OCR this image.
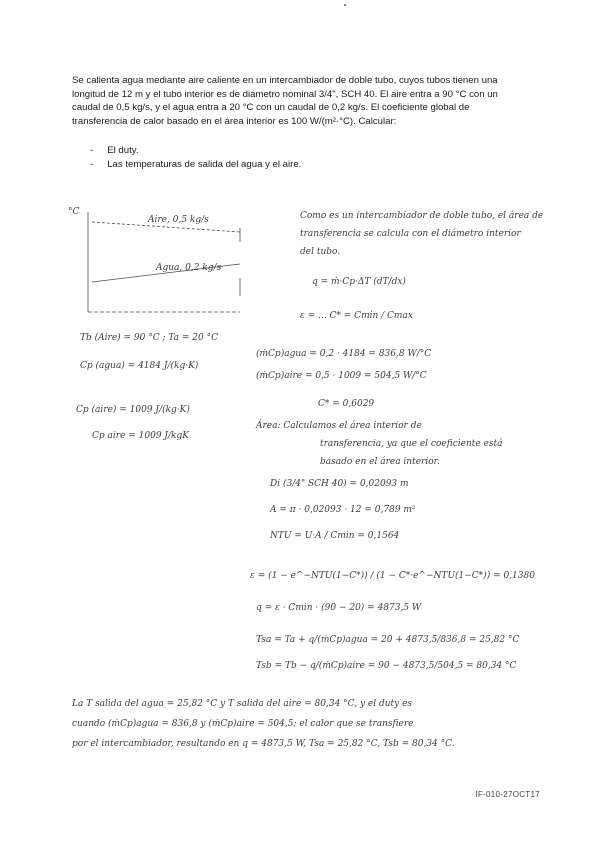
Se calienta agua mediante aire caliente en un intercambiador de doble tubo, cuyos tubos tienen una longitud de 12 m y el tubo interior es de diámetro nominal 3/4", SCH 40. El aire entra a 90 °C con un caudal de 0,5 kg/s, y el agua entra a 20 °C con un caudal de 0,2 kg/s. El coeficiente global de transferencia de calor basado en el área interior es 100 W/(m²·°C). Calcular:
- El duty.
- Las temperaturas de salida del agua y el aire.
°C
Aire, 0,5 kg/s
Agua, 0,2 kg/s
Tb (Aire) = 90 °C ; Ta = 20 °C
Cp (agua) = 4184 J/(kg·K)
Cp (aire) = 1009 J/(kg·K)
Cp aire = 1009 J/kgK
Como es un intercambiador de doble tubo, el área de
transferencia se calcula con el diámetro interior
del tubo.
q = ṁ·Cp·ΔT (dT/dx)
ε = ... C* = Cmin / Cmax
(ṁCp)agua = 0,2 · 4184 = 836,8 W/°C
(ṁCp)aire = 0,5 · 1009 = 504,5 W/°C
C* = 0,6029
Área: Calculamos el área interior de
transferencia, ya que el coeficiente está
basado en el área interior.
Di (3/4" SCH 40) = 0,02093 m
A = π · 0,02093 · 12 = 0,789 m²
NTU = U·A / Cmin = 0,1564
ε = (1 − e^−NTU(1−C*)) / (1 − C*·e^−NTU(1−C*)) = 0,1380
q = ε · Cmin · (90 − 20) = 4873,5 W
Tsa = Ta + q/(ṁCp)agua = 20 + 4873,5/836,8 = 25,82 °C
Tsb = Tb − q/(ṁCp)aire = 90 − 4873,5/504,5 = 80,34 °C
La T salida del agua = 25,82 °C y T salida del aire = 80,34 °C, y el duty es
cuando (ṁCp)agua = 836,8 y (ṁCp)aire = 504,5; el calor que se transfiere
por el intercambiador, resultando en q = 4873,5 W, Tsa = 25,82 °C, Tsb = 80,34 °C.
IF-010-27OCT17
